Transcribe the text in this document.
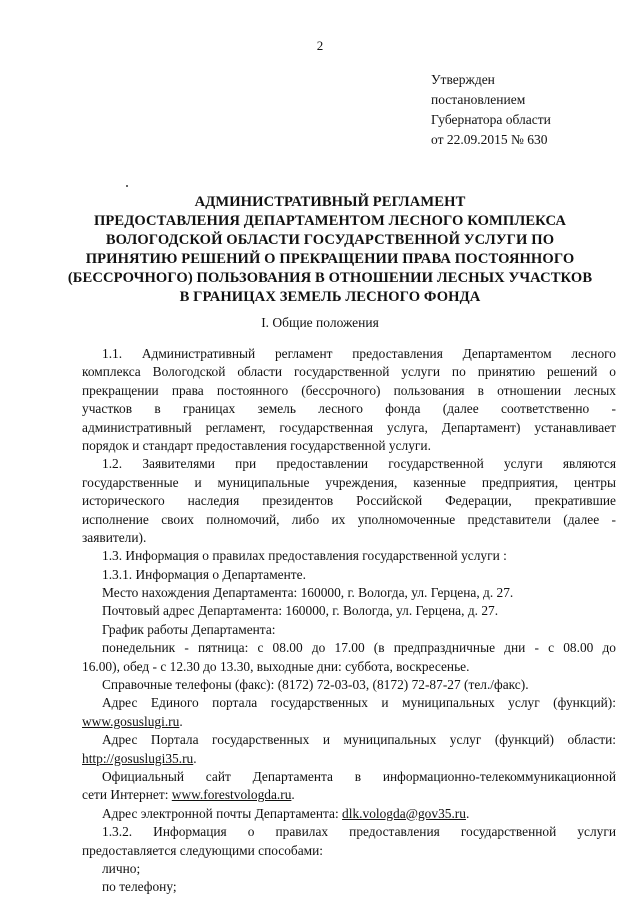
2
Утвержден
постановлением
Губернатора области
от 22.09.2015 № 630
АДМИНИСТРАТИВНЫЙ РЕГЛАМЕНТ
ПРЕДОСТАВЛЕНИЯ ДЕПАРТАМЕНТОМ ЛЕСНОГО КОМПЛЕКСА
ВОЛОГОДСКОЙ ОБЛАСТИ ГОСУДАРСТВЕННОЙ УСЛУГИ ПО
ПРИНЯТИЮ РЕШЕНИЙ О ПРЕКРАЩЕНИИ ПРАВА ПОСТОЯННОГО
(БЕССРОЧНОГО) ПОЛЬЗОВАНИЯ В ОТНОШЕНИИ ЛЕСНЫХ УЧАСТКОВ
В ГРАНИЦАХ ЗЕМЕЛЬ ЛЕСНОГО ФОНДА
I. Общие положения
1.1. Административный регламент предоставления Департаментом лесного
комплекса Вологодской области государственной услуги по принятию решений о
прекращении права постоянного (бессрочного) пользования в отношении лесных
участков в границах земель лесного фонда (далее соответственно -
административный регламент, государственная услуга, Департамент) устанавливает
порядок и стандарт предоставления государственной услуги.
1.2. Заявителями при предоставлении государственной услуги являются
государственные и муниципальные учреждения, казенные предприятия, центры
исторического наследия президентов Российской Федерации, прекратившие
исполнение своих полномочий, либо их уполномоченные представители (далее -
заявители).
1.3. Информация о правилах предоставления государственной услуги :
1.3.1. Информация о Департаменте.
Место нахождения Департамента: 160000, г. Вологда, ул. Герцена, д. 27.
Почтовый адрес Департамента: 160000, г. Вологда, ул. Герцена, д. 27.
График работы Департамента:
понедельник - пятница: с 08.00 до 17.00 (в предпраздничные дни - с 08.00 до
16.00), обед - с 12.30 до 13.30, выходные дни: суббота, воскресенье.
Справочные телефоны (факс): (8172) 72-03-03, (8172) 72-87-27 (тел./факс).
Адрес Единого портала государственных и муниципальных услуг (функций):
www.gosuslugi.ru.
Адрес Портала государственных и муниципальных услуг (функций) области:
http://gosuslugi35.ru.
Официальный сайт Департамента в информационно-телекоммуникационной
сети Интернет: www.forestvologda.ru.
Адрес электронной почты Департамента: dlk.vologda@gov35.ru.
1.3.2. Информация о правилах предоставления государственной услуги
предоставляется следующими способами:
лично;
по телефону;
